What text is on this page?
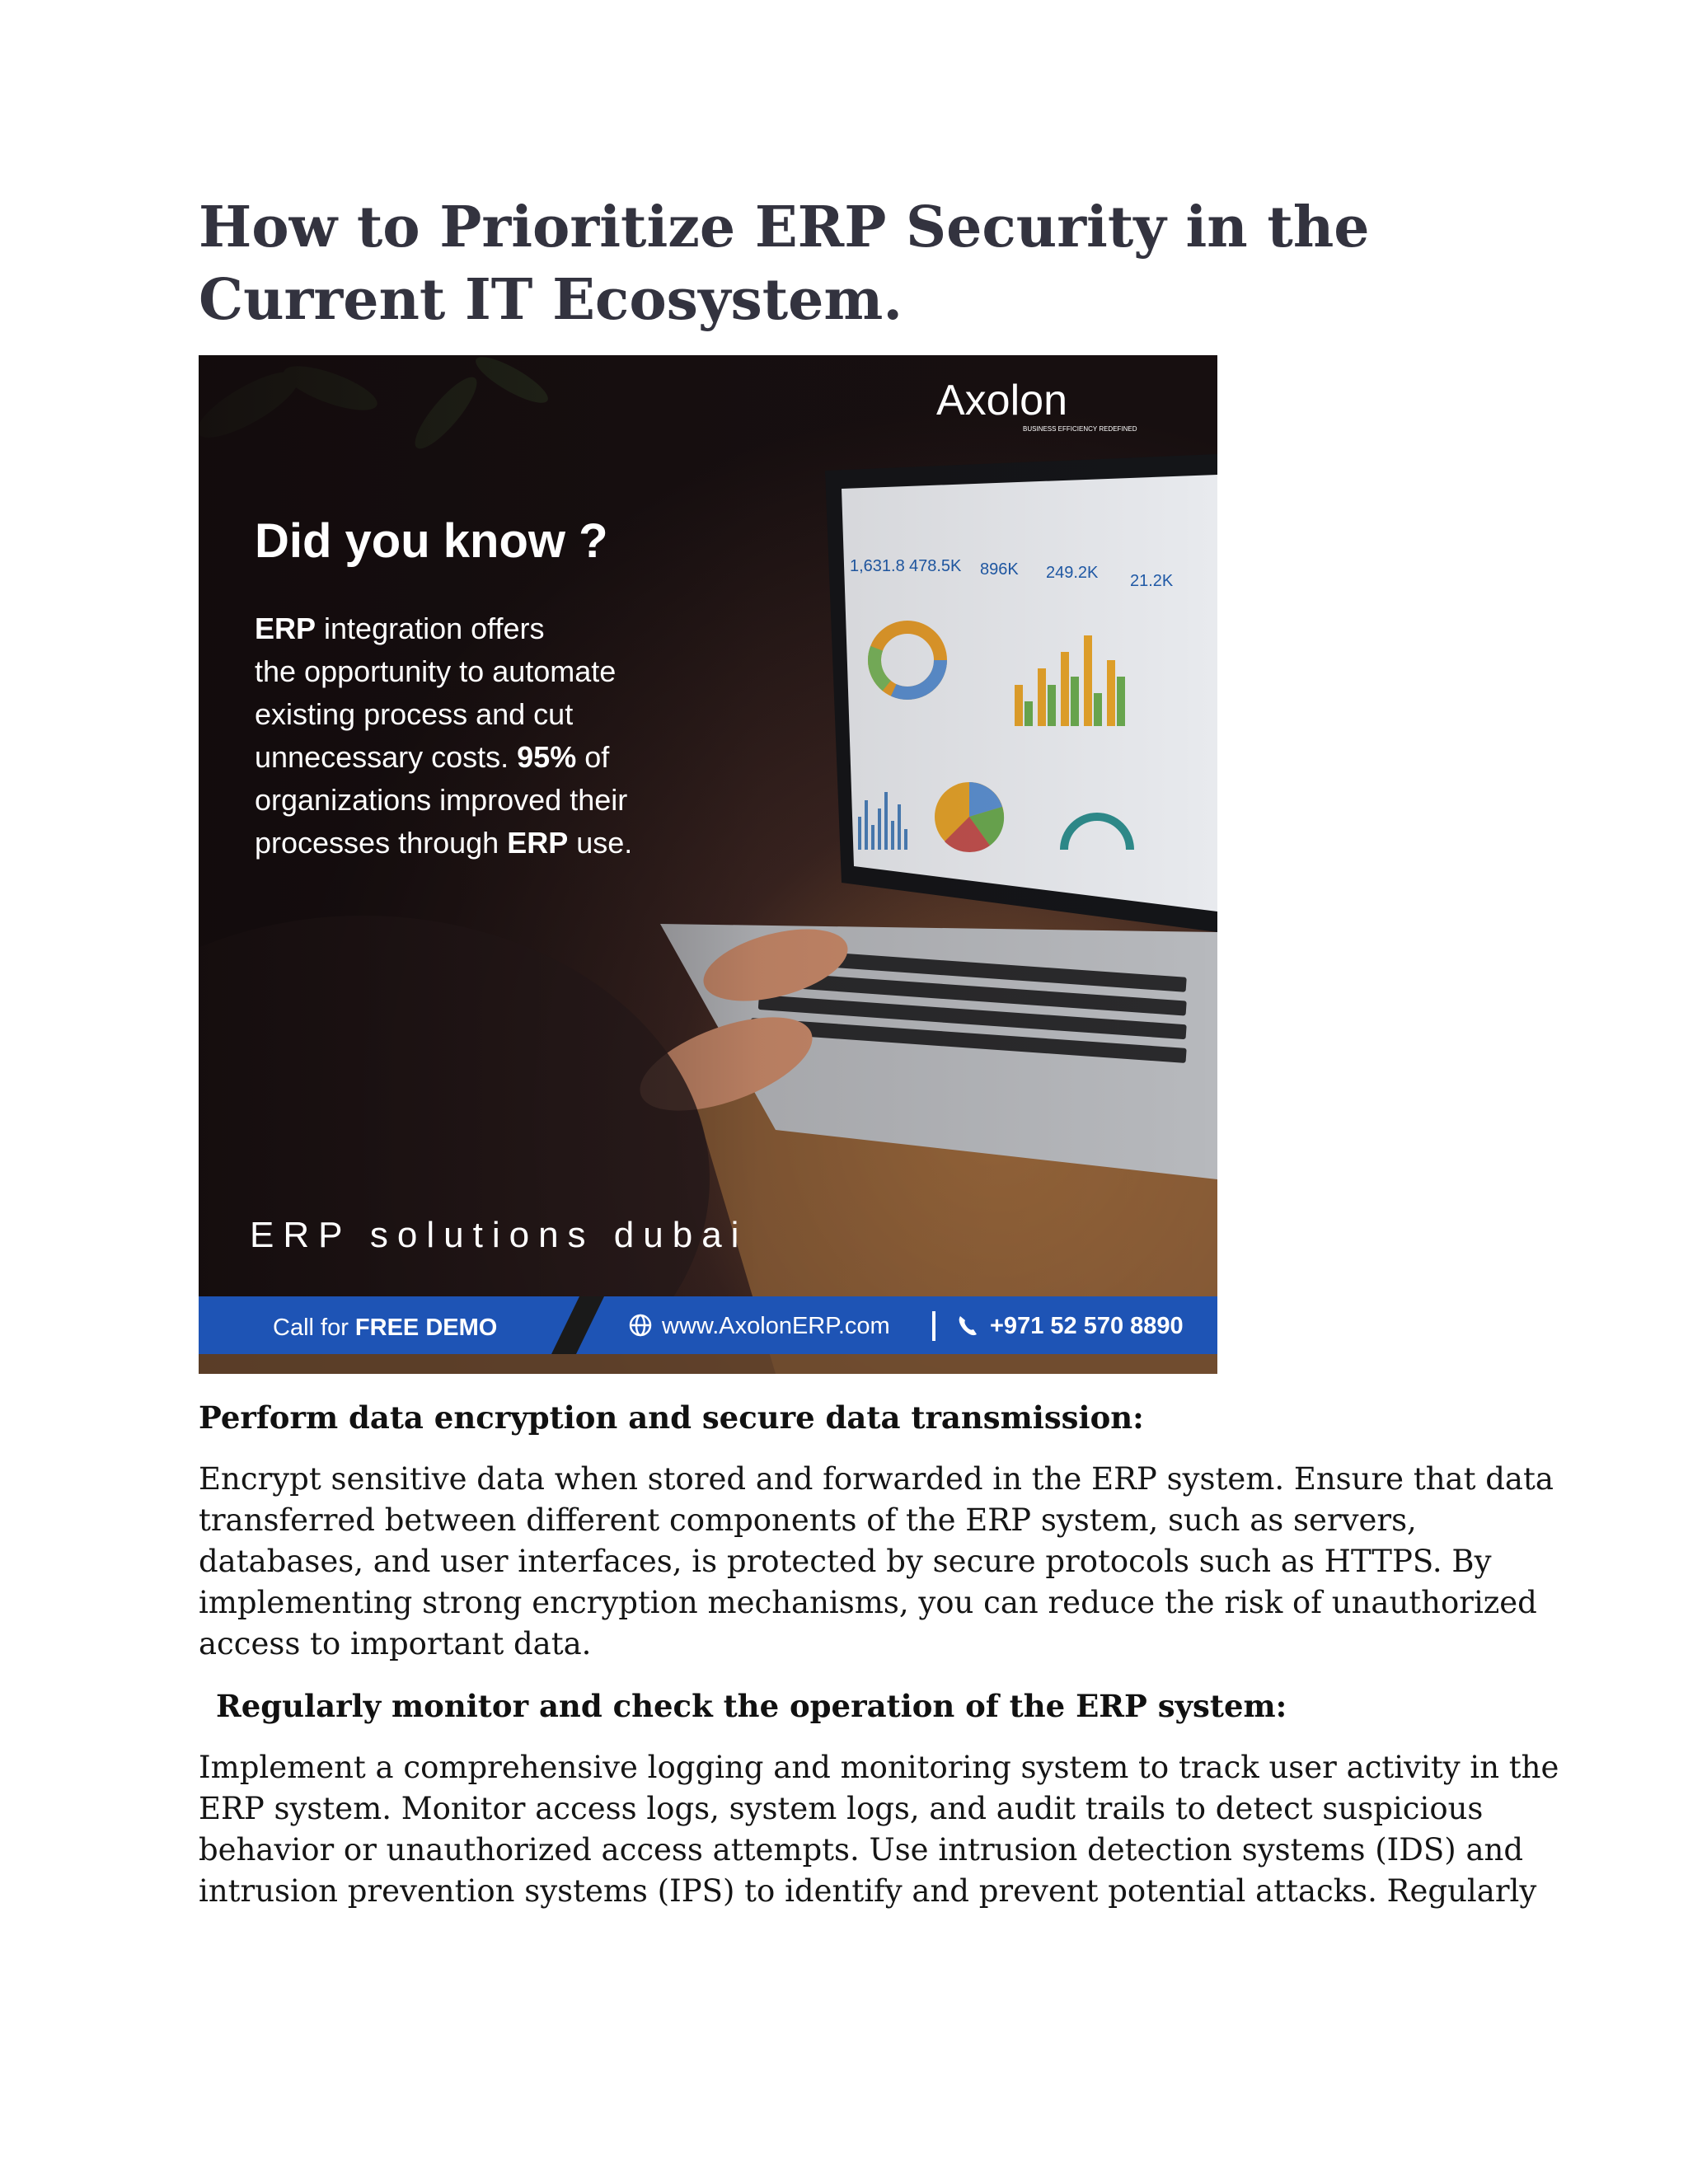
How to Prioritize ERP Security in the
Current IT Ecosystem.
Axolon
BUSINESS EFFICIENCY REDEFINED
Did you know ?
ERP integration offers
the opportunity to automate
existing process and cut
unnecessary costs. 95% of
organizations improved their
processes through ERP use.
ERP solutions dubai
Call for FREE DEMO	www.AxolonERP.com	+971 52 570 8890
Perform data encryption and secure data transmission:
Encrypt sensitive data when stored and forwarded in the ERP system. Ensure that data
transferred between different components of the ERP system, such as servers,
databases, and user interfaces, is protected by secure protocols such as HTTPS. By
implementing strong encryption mechanisms, you can reduce the risk of unauthorized
access to important data.
Regularly monitor and check the operation of the ERP system:
Implement a comprehensive logging and monitoring system to track user activity in the
ERP system. Monitor access logs, system logs, and audit trails to detect suspicious
behavior or unauthorized access attempts. Use intrusion detection systems (IDS) and
intrusion prevention systems (IPS) to identify and prevent potential attacks. Regularly
